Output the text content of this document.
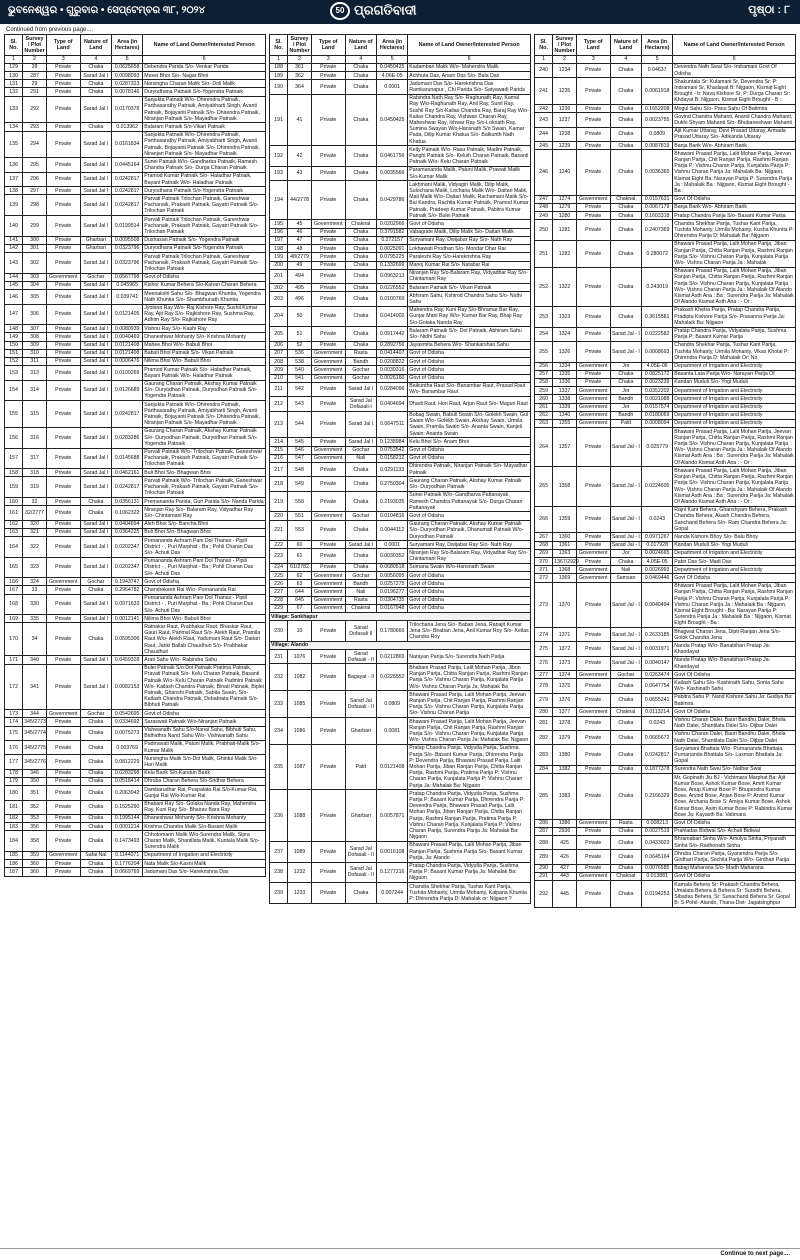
ଭୁବନେଶ୍ୱର • ଗୁରୁବାର • ସେପ୍ଟେମ୍ବର ୩୮, ୨୦୨୪	50 ପ୍ରଗତିବାଦୀ	ପୃଷ୍ଠା : ୮
Continued from previous page....
Sl. No.	Survey / Plot Number	Type of Land	Nature of Land	Area (in Hectares)	Name of Land Owner/Interested Person
1	2	3	4	5	6
129	28	Private	Chaka	0.0625658	Debendra Parida S/o- Venkar Parida
130	287	Private	Sarad Jal I	0.0098093	Musei Bhoi S/o- Nagar Bhoi
131	29	Private	Chaka	0.0287323	Narsingha Charan Malik S/o- Doli Malik
132	291	Private	Chaka	0.0078146	Duryodhana Patnaik S/o-Yogendra Patnaik
133	292	Private	Sarad Jal I	0.0170378	Sanjukta Patnaik W/o- Dhirendra Patnaik, Parthasarathy Patnaik, Amiyabharti Singh, Avanti Patnaik, Bojayanti Patnaik S/o- Dhirendra Patnaik, Niranjan Patnaik S/o- Mayadhar Patnaik
134	293	Private	Chaka	0.013962	Balaram Patnaik S/o-Vikari Patnaik
135	294	Private	Sarad Jal I	0.0161834	Sanjukta Patnaik W/o- Dhirendra Patnaik, Parthasarathy Patnaik, Amiyabharti Singh, Avanti Patnaik, Bojayanti Patnaik S/o- Dhirendra Patnaik, Niranjan Patnaik S/o- Mayadhar Patnaik
136	295	Private	Sarad Jal I	0.0445164	Sunei Patnaik W/o- Gandharba Patnaik, Ramesh Chandra Patnaik S/o- Durga Charan Patnaik
137	296	Private	Sarad Jal I	0.0242817	Pramod Kumar Patnaik S/o- Haladhar Patnaik, Bayani Patnaik W/o- Haladhar Patnaik
138	297	Private	Sarad Jal I	0.0242817	Duryodhana Patnaik S/o-Yogendra Patnaik
139	298	Private	Sarad Jal I	0.0242817	Parvati Patnaik Trilochan Patnaik, Ganeshwar Pachanaik, Prakash Patnaik, Gayatri Patnaik S/o- Trilochan Patnaik
140	299	Private	Sarad Jal I	0.0199514	Parvati Patnaik Trilochan Patnaik, Ganeshwar Pachanaik, Prakash Patnaik, Gayatri Patnaik S/o- Trilochan Patnaik
141	300	Private	Gharbari	0.0095508	Dushasan Patnaik S/o- Yogendra Patnaik
142	301	Private	Gharbari	0.0323796	Duryodhana Patnaik S/o-Yogendra Patnaik
143	302	Private	Sarad Jal I	0.0323796	Parvati Patnaik Trilochan Patnaik, Ganeshwar Pachanaik, Prakash Patnaik, Gayatri Patnaik S/o- Trilochan Patnaik
144	303	Government	Gochar	0.0567798	Govt of Odisha
145	304	Private	Sarad Jal I	0.045965	Kishor Kumar Behera S/o-Kahan Charan Behera
146	305	Private	Sarad Jal I	0.039741	Meenakshi Sahu S/o- Bhagwan Khuntia, Yogendra Nath Khuntia S/o- Shambhunath Khuntia
147	306	Private	Sarad Jal I	0.0121405	Jyotsna Ray W/o- Raj Kishore Ray, Sushil Kumar Ray, Ajit Ray S/o- Rajkishore Ray, Sushma Ray, Adhim Ray S/o- Rajkishore Ray
148	307	Private	Sarad Jal I	0.0080939	Vishnu Ray S/o- Kashi Ray
149	308	Private	Sarad Jal I	0.0040469	Dhaneshwar Mohanty S/o- Krishna Mohanty
150	309	Private	Sarad Jal I	0.0121408	Mahee Bhoi W/o- Babuli Bhoi
151	310	Private	Sarad Jal I	0.0121408	Babuli Bhoi Patnaik S/o- Vikari Patnaik
152	311	Private	Sarad Jal I	0.0006476	Nilima Bhoi W/o- Babuli Bhoi
153	313	Private	Sarad Jal I	0.0109269	Pramod Kumar Patnaik S/o- Haladhar Patnaik, Bayani Patnaik W/o- Haladhar Patnaik
154	314	Private	Sarad Jal I	0.0126689	Gaurang Charan Patnaik, Akshay Kumar Patnaik S/o- Duryodhan Patnaik, Duryodhan Patnaik S/o- Yogendra Patnaik
155	315	Private	Sarad Jal I	0.0242817	Sanjukta Patnaik W/o- Dhirendra Patnaik, Parthasarathy Patnaik, Amiyabharti Singh, Avanti Patnaik, Bojayanti Patnaik S/o- Dhirendra Patnaik, Niranjan Patnaik S/o- Mayadhar Patnaik
156	316	Private	Sarad Jal I	0.0283286	Gaurang Charan Patnaik, Akshay Kumar Patnaik S/o- Duryodhan Patnaik, Duryodhan Patnaik S/o- Yogendra Patnaik
157	317	Private	Sarad Jal I	0.0145688	Parvati Patnaik W/o- Trilochan Patnaik, Ganeshwar Pachanaik, Prakash Patnaik, Gayatri Patnaik S/o- Trilochan Patnaik
158	318	Private	Sarad Jal I	0.0462161	Buli Bhoi S/o- Bhagwan Bhoi
159	319	Private	Sarad Jal I	0.0242817	Parvati Patnaik W/o- Trilochan Patnaik, Ganeshwar Pachanaik, Prakash Patnaik, Gayatri Patnaik S/o- Trilochan Patnaik
160	32	Private	Chaka	0.0356131	Premananda Parida, Guri Parida S/o- Nanda Parida
161	32/2777	Private	Chaka	0.1062322	Niranjan Ray S/o- Balaram Ray, Vidyadhar Ray S/o- Chintamani Ray
162	320	Private	Sarad Jal I	0.0404694	Aleh Bhoi S/o- Bancha Bhoi
163	321	Private	Sarad Jal I	0.0364225	Buli Bhoi S/o- Bhagwan Bhoi
164	322	Private	Sarad Jal I	0.0202347	Purnananda Ashram Pani Dol Thanax - Pipili District - , Puri Marphat - Ba ; Pohli Charan Das S/o- Achuti Das
165	323	Private	Sarad Jal I	0.0202347	Purnananda Ashram Pani Dol Thanax - Pipili District - , Puri Marphat - Ba ; Pohli Charan Das S/o- Achuti Das
166	324	Government	Gochar	0.1943747	Govt of Odisha
167	33	Private	Chaka	0.2964782	Chandrakanti Rai W/o- Purnananda Rai
168	330	Private	Sarad Jal I	0.0971633	Purnananda Ashram Pani Dol Thanax - Pipili District - , Puri Marphat - Ba ; Pohli Charan Das S/o- Achuti Das
169	335	Private	Sarad Jal I	0.0012141	Nilima Bhoi W/o- Babuli Bhoi
170	34	Private	Chaka	0.0595306	Ratnakar Raut, Prabhakar Raut, Bhaskar Raut, Gauri Raut, Parimal Raut S/o- Alekh Raut, Pramila Raut W/o- Alekh Raut, Yadumani Raut S/o- Daitari Raut, Janki Ballab Chaudhuri S/o- Prabhakar Chaudhuri
171	340	Private	Sarad Jal I	0.0459328	Arati Sahu W/o- Rabindra Sahu
172	341	Private	Sarad Jal I	0.0082153	Bulei Patnaik S/o Dol Patnaik Pratima Patnaik, Pravati Patnaik S/o- Kelu Charan Patnaik, Basanti Patnaik W/o- Kelu Charan Patnaik Padmini Patnaik W/o- Kailash Chandra Patnaik, Binati Patnaik, Biplei Patnaik, Ghanshi Patnaik, Sabita Swain, S/o- Kailash Chandra Patnaik, Debabrata Patnaik S/o- Bibhuti Patnaik
173	344	Government	Gochar	0.0542695	Govt of Odisha
174	345/2773	Private	Chaka	0.0334692	Saraswati Patnaik W/o-Niranjan Patnaik
175	345/2774	Private	Chaka	0.0075273	Vishwanath Sahu S/o-Nanai Sahu, Bibhuti Sahu, Bidhidhra Nand Sahu W/o- Vishwanath Sahu
176	345/2775	Private	Chaka	0.003769	Padmavati Malik, Paluni Malik, Prabhati-Malik S/o-Kumar Malik
177	345/2776	Private	Chaka	0.0812229	Nursingha Malik S/o-Dol Malik, Ghintui Malik S/o-Hari Malik
178	346	Private	Chaka	0.0283298	Kelu Barik S/o-Kandun Barik
179	350	Private	Chaka	0.0518414	Dhruba Charan Behera S/o-Sridhar Behera
180	351	Private	Chaka	0.2063942	Dambarudhar Rai, Puspalata Rai S/o-Kumar Rai, Gunjai Rai W/o-Kumar Rai
181	352	Private	Chaka	0.1525290	Bhabani Ray S/o- Golaka Nanda Ray, Mahendra Ray, Kuni Ray S/o- Bhairav Bara Ray
182	353	Private	Chaka	0.1995144	Dhaneshwar Mohanty S/o- Krishna Mohanty
183	356	Private	Chaka	0.0001214	Krishna Chandra Malik S/o-Basant Malik
184	358	Private	Chaka	0.1473493	Chhotomann Malik W/o-Surendra Malik, Sipra Charan Malik, Shantilata Malik, Kuntala Malik S/o- Surendra Malik
185	359	Government	Safai Nal	0.1144071	Department of Irrigation and Electricity
186	360	Private	Chaka	0.1776204	Nata Malik S/o-Kasni Malik
187	360	Private	Chaka	0.0669769	Jadumani Das S/o- Harekrishna Das
Sl. No.	Survey / Plot Number	Type of Land	Nature of Land	Area (in Hectares)	Name of Land Owner/Interested Person
1	2	3	4	5	6
188	361	Private	Chaka	0.0450425	Kadambari Malik W/o- Mahendra Malik
189	362	Private	Chaka	4.06E-05	Achhuta Das, Anam Das S/o- Bala Das
190	364	Private	Chaka	0.0001	Jadumani Das S/o- Harekrishna Das Ramkarunapur , Chi Parida S/o- Satyawadi Parida
191	41	Private	Chaka	0.0450425	Rabindra Nath Ray S/o- Raghunath Ray, Kamal Ray W/o-Raghunath Ray, Anil Ray, Sunil Ray, Sushil Ray S/o-Kailas Chandra Ray, Baraj Ray W/o-Kailas Chandra Ray, Vishwan Charan Ray, Maheshwar Ray, Ishwar Ray S/o-Loknath Ray, Sumina Swayan W/o-Hansnath S/o Swain, Kamar Pada, Dilip Kumar Khatua S/o- Balkunth Nath Khatua
192	42	Private	Chaka	0.0461756	Kelly Patnaik W/o- Rasu Patnaik, Madini Patnaik, Panghi Patnaik S/o- Keluih Charan Patnaik, Basanti Patnaik W/o- Kelu Charan Patnaik
193	43	Private	Chaka	0.0035566	Paramananda Malik, Paluni Malik, Prawati Malik S/o-Kumar Malik
194	44/2778	Private	Chaka	0.0429786	Lakhmani Malik, Vidyagiri Malik, Dilip Malik, Sulochana Malik, Lochana Malik W/o- Daitari Malik, Mali Malik W/o- Daitari Malik, Rachamani Malik S/o- Bai Kandra, Rachita Kumar Patnaik, Pramod Kumar Patnaik, Pradeep Kumar Patnaik, Pabitra Kumar Patnaik S/o- Bulei Patnaik
195	45	Government	Chaknal	0.0202966	Govt of Odisha
196	46	Private	Chaka	0.3791582	Vabagrate Malik, Dilip Malik S/o- Daitari Malik
197	47	Private	Chaka	0.272157	Suryamani Ray, Dwijabar Ray S/o- Nath Ray
198	48	Private	Chaka	0.0025091	Lokhawati Prodhan S/o- Mondar Dhar Rai
199	48/2779	Private	Chaka	0.0795225	Paraleshi Ray S/o-Harekrishna Ray
200	49	Private	Chaka	0.1332699	Manoj Kumar Rai S/o- Natabar Rai
201	494	Private	Chaka	0.0963213	Niranjan Ray S/o-Balaram Ray, Vidyadhar Ray S/o- Chintamani Ray
202	495	Private	Chaka	0.0226552	Balaram Patnaik S/o- Vikari Patnaik
203	496	Private	Chaka	0.0100769	Abhiram Sahu, Kshirod Chandra Sahu S/o- Nidhi Sahu
204	50	Private	Chaka	0.0414002	Mahendra Ray, Kuni Ray S/o-Bhramar Bar Ray, Gunjar Mani Ray W/o- Kumar Bar Ray, Bhaji Ray S/o-Goiaka Nanda Ray
205	51	Private	Chaka	0.0917442	Balaram Patnaik S/o- Dol Patnaik, Abhiram Sahu S/o- Nidhi Sahu
206	52	Private	Chaka	0.2892756	Jayasmita Behera W/o- Shankarshan Sahu
207	536	Government	Rasta	0.0414407	Govt of Odisha
208	538	Government	Bandh	0.0208822	Govt of Odisha
209	540	Government	Gochar	0.0030316	Govt of Odisha
210	541	Government	Gochar	0.0026160	Govt of Odisha
211	542	Private	Sarad Jal I	0.0284096	Baikuntha Raut S/o- Banambar Raut, Prasad Raut W/o- Banambar Raut
212	543	Private	Sarad Jal Dofasali-I	0.0404694	Dhadi Raut, Hori Raut, Arjun Raut S/o- Magun Raut
213	544	Private	Sarad Jal I	0.0647511	Bobag Swain, Babuli Swain S/o- Golekh Swain, Gul Swain W/o- Golekh Swain, Akshay Swain, Urmila Swain, Pramila Swain S/o- Ananta Swain, Kanjeli Swain: Ananta Swain
214	545	Private	Sarad Jal I	0.1238984	Kelu Bhoi S/o- Anam Bhoi
215	546	Government	Gochar	0.0753542	Govt of Odisha
216	547	Government	Nali	0.0158212	Govt of Odisha
217	548	Private	Chaka	0.0291133	Dhirendra Patnaik, Niranjan Patnaik S/o- Mayadhar Patnaik
218	549	Private	Chaka	0.2750304	Gaurang Charan Patnaik, Akshay Kumar Patnaik S/o- Duryodhan Patnaik
219	550	Private	Chaka	0.2193035	Sunei Patnaik W/o- Gandharva Pattanayak, Ramesh Chandra Pattanayak S/o- Durga Charan Pattanayak
220	551	Government	Gochar	0.0104816	Govt of Odisha
221	553	Private	Chaka	0.0044112	Gaurang Charan Patnaik, Akshay Kumar Patnaik S/o- Duryodhan Patnaik, Dhanumati Patnaik W/o- Duryodhan Patnaik
222	60	Private	Sarad Jal I	0.0001	Suryamani Ray, Dwijabar Ray S/o- Nath Ray
223	61	Private	Chaka	0.0030352	Niranjan Ray S/o-Balaram Ray, Vidyadhar Ray S/o- Chintamani Ray
224	61/2782	Private	Chaka	0.0680518	Sumana Swain W/o-Hansnath Swain
225	62	Government	Gochar	0.0056095	Govt of Odisha
226	63	Government	Bandh	0.0257275	Govt of Odisha
227	644	Government	Nali	0.0196277	Govt of Odisha
228	645	Government	Rasta	0.0304735	Govt of Odisha
229	67	Government	Chaknal	0.0167948	Govt of Odisha
Village: Sankhapur					
230	10	Private	Sarad Dofasali II	0.1780666	Trilochana Jena S/o- Baban Jena, Ranajit Kumar Jena S/o- Biraban Jena, Anil Kumar Roy S/o- Keilas Chandra Roy
Village: Alando					
231	1076	Private	Sarad Dofasali - II	0.0212869	Narayan Parija S/o- Surendra Nath Parija
232	1082	Private	Bagayat - II	0.0226552	Bhabani Prasad Parija, Lalit Mohan Parija, Jibon Ranjan Parija, Chitta Ranjan Parija, Rashmi Ranjan Parija S/o- Vishnu Charan Parija, Kunjalata Parija W/o- Vishnu Charan Parija Ja: Mahalak Ba
233	1085	Private	Sarad Jal Dofasali - II	0.0809	Bhawani Prasad Parija, Lalit Mohan Parija, Jeevan Ranjan Parija, Chit Ranjan Parija, Rashmi Ranjan Parija S/o- Vishnu Charan Parija, Kunjalata Parija S/o- Vishnu Charan Parija
234	1086	Private	Gharbari	0.0081	Bhawani Prasad Parija, Lalit Mohan Parija, Jeevan Ranjan Parija, Chit Ranjan Parija, Rashmi Ranjan Parija S/o- Vishnu Charan Parija, Kunjalata Parija W/o- Vishnu Charan Parija Ja: Mahalak Ba: Nijgaon
235	1087	Private	Patit	0.0121408	Pratap Chandra Parija, Vidyutla Parija, Sushma Parija S/o- Basant Kumar Parija, Dhirendra Parija P: Devendra Parija, Bhawani Prasad Parija, Lalit Mohan Parija, Jiban Ranjan Parija, Chitta Ranjan Parija, Rashmi Parija, Pratima Parija P: Vishnu Charan Parija, Kunjalata Parija P: Vishnu Charan Parija Ja: Mahalak Ba: Nijgaon
236	1088	Private	Gharbari	0.0057871	Pratap Chandra Parija, Vidyutla Parija, Sushma Parija P: Basant Kumar Parija, Dhirendra Parija P: Devendra Parija, Bhawani Prasad Parija, Lalit Mohan Parija, Jiban Ranjan Parija, Chitta Ranjan Parija, Rashmi Ranjan Parija, Pratima Parija P: Vishnu Charan Parija, Kunjalata Parija P: Vishnu Charan Parija, Surendra Parija Ja: Mahalak Ba: Nijgaon
237	1089	Private	Sarad Jal Dofasali - II	0.0016108	Bhawani Prasad Parija, Lalit Mohan Parija, Jiban Ranjan Parija, Sushma Parija S/o- Basant Kumar Parija, Ja: Alando
238	1232	Private	Sarad Jal Dofasali - II	0.1277216	Pratap Chandra Parija, Vidyutla Parija, Sushma Parija P: Basant Kumar Parija Ja: Mahalak Ba: Nijgaon
239	1233	Private	Chaka	0.007244	Chandra Shekhar Parija, Tushar Kant Parija, Tushita Mohanty, Urmila Mohanty, Kalpana Khuntia P: Dhirendra Parija D: Mahalak or: Nijgaon ?
Sl. No.	Survey / Plot Number	Type of Land	Nature of Land	Area (in Hectares)	Name of Land Owner/Interested Person
1	2	3	4	5	6
240	1234	Private	Chaka	0.04637	Devendra Nath Swai S/o- Indramani Govt Of Odisha
241	1235	Private	Chaka	0.0061918	Shakuntala Sr: Kulamani Sr, Devendra Sr: P: Indramani Sr, Khadayat B: Nijgaon, Kismat Eight Brought - b: Nava Kishore Sr, P: Durga Charan Sr: Khdayat B: Nijgaon, Kismat Eight Brought - B :
242	1236	Private	Chaka	0.1652208	Mogul Sahu S/o- Panu Sahu Of Batimira
243	1237	Private	Chaka	0.0023755	Govind Chandra Mahanti, Anand Chandra Mahanti, Dukhi Shyam Mahanti S/o- Bhubaneshwar Mahanti
244	1238	Private	Chaka	0.0809	Ajit Kumar Uttaray, Devi Prasad Uttaray, Armada Prasad Uttaray S/o- Adikanda Uttaray
245	1239	Private	Chaka	0.0087819	Banja Barik W/o- Abhiram Barik
246	1240	Private	Chaka	0.0036365	Bhawani Prasad Parija, Lalit Mohan Parija, Jeevan Ranjan Parija, Chit Ranjan Parija, Rashmi Ranjan Parija P: Vishnu Charan Parija, Kunjalata Parija P: Vishnu Charan Parija Ja: Mahalaik Ba: Nijgaon, Kismat Eight Ba: Narayan Parija P: Surendra Parija Ja : Mahalaik Ba : Nijgaon, Kismat Eight Brought - Ba :
247	1274	Government	Chaknal	0.0157631	Govt Of Odisha
248	1279	Private	Chaka	0.0067179	Banja Barik W/o- Abhiram Barik
249	1280	Private	Chaka	0.1603318	Pratap Chandra Parija S/o- Basant Kumar Parija
250	1281	Private	Chaka	0.2407369	Chandra Shekhar Parija, Tushar Kant Parija, Tushita Mohanty, Urmila Mohanty, Kusha Khuntia P: Dhirendra Parija D: Mahalaik Ba: Nijgaon
251	1282	Private	Chaka	0.280072	Bhawani Prasad Parija, Lalit Mohan Parija, Jiban Ranjan Parija, Chitta Ranjan Parija, Rashmi Ranjan Parija S/o- Vishnu Charan Parija, Kunjalata Parija W/o- Vishnu Charan Parija Ja : Mahalak
252	1322	Private	Chaka	0.243019	Bhawani Prasad Parija, Lalit Mohan Parija, Jiban Ranjan Parija, Chitta Ranjan Parija, Rashmi Ranjan Parija S/o- Vishnu Charan Parija, Kunjalata Parija W/o- Vishnu Charan Parija Ja : Mahalaik Of Alando Kismat Asth Ana : Ba : Surendra Parija Ja: Mahalaik Of Alando Kismat Asth Ana : - Or :
253	1323	Private	Chaka	0.3615581	Prakash Khetra Parija, Pratap Chandra Parija, Pradipta Kishore Parija S/o- Prasanna Parija Ja: Mahalaik Ba: Nijgaon
254	1324	Private	Sarad Jal - I	0.0222582	Pratap Chandra Parija, Vidyalata Parija, Sushma Parija P: Basant Kumar Parija
255	1326	Private	Sarad Jal - I	0.0008693	Chandra Shekhar Parija, Tushar Kant Parija, Tushita Mohanty, Urmila Mohanty, Vikas Khotai P: Dhirendra Parija D: Mahalaik Or: No
256	1334	Government	Jor	4.05E-06	Department of Irrigation and Electricity
257	1335	Private	Chaka	0.0825172	Basanta Lata Parija W/o- Narayan Parija Of
258	1336	Private	Chaka	0.0023239	Kandan Muduli S/o- Yogi Muduli
259	1337	Government	Jor	0.0352202	Department of Irrigation and Electricity
260	1338	Government	Bandh	0.0021088	Department of Irrigation and Electricity
261	1339	Government	Jor	0.0157574	Department of Irrigation and Electricity
262	1340	Government	Bandh	0.0180069	Department of Irrigation and Electricity
263	1355	Government	Patit	0.0008094	Department of Irrigation and Electricity
264	1357	Private	Sarad Jal - I	0.025779	Bhawani Prasad Parija, Lalit Mohan Parija, Jeevan Ranjan Parija, Chitta Ranjan Parija, Rashmi Ranjan Parija S/o- Vishnu Charan Parija, Kunjalata Parija W/o- Vishnu Charan Parija Ja : Mahalaik Of Alando Kismat Asth Ana : Ba : Surendra Parija Ja: Mahalaik Of Alando Kismat Asth Ana : - Or :
265	1358	Private	Sarad Jal - I	0.0224605	Bhawani Prasad Parija, Lalit Mohan Parija, Jiban Ranjan Parija, Chitta Ranjan Parija, Rashmi Ranjan Parija S/o- Vishnu Charan Parija, Kunjalata Parija W/o- Vishnu Charan Parija Ja : Mahalaik Of Alando Kismat Asth Ana : Ba : Surendra Parija Ja: Mahalaik Of Alando Kismat Asth Ana : - Or :
266	1359	Private	Sarad Jal - I	0.0243	Rajni Kant Behera, Ghanshyam Behera, Prakash Chandra Behera, Akash Chandra Behera, Sanchand Behera S/o- Ram Chandra Behera Ja: Gopal
267	1360	Private	Sarad Jal - I	0.0971267	Nanda Kishore Bhoy S/o- Balu Bhoy
268	1361	Private	Sarad Jal - I	0.017928	Kandan Muduli S/o- Yogi Muduli
269	1363	Government	Jor	0.0024665	Department of Irrigation and Electricity
270	1367/2929	Private	Chaka	4.05E-05	Pabir Das S/o- Madi Das
271	1368	Government	Nali	0.0026993	Department of Irrigation and Electricity
272	1369	Government	Samsan	0.0469446	Govt Of Odisha
273	1370	Private	Sarad Jal - I	0.0040494	Bhawani Prasad Parija, Lalit Mohan Parija, Jiban Ranjan Parija, Chitta Ranjan Parija, Rashmi Ranjan Parija P: Vishnu Charan Parija, Kunjalata Parija P: Vishnu Charan Parija Ja : Mahalaik Ba : Nijgaon, Kismat Eight Brought - Ba: Narayan Parija P: Surendra Parija Ja : Mahalaik Ba : Nijgaon, Kismat Eight Brought - Ba :
274	1371	Private	Sarad Jal - I	0.2633185	Bhagwat Charan Jena, Dipti Ranjan Jena S/o- Golok Chandra Jena
275	1372	Private	Sarad Jal - I	0.0031971	Nanda Pratap W/o- Banabihari Pratap Ja: Khandayat
276	1373	Private	Sarad Jal - I	0.0040147	Nanda Pratap W/o- Banabihari Pratap Ja: Khandayat
277	1374	Government	Gochar	0.0263474	Govt Of Odisha
278	1375	Private	Chaka	0.0647754	Kailash Sahu S/o- Kashinath Sahu, Sonia Sahu W/o- Kashinath Sahu
279	1376	Private	Chaka	0.0655241	Pabitra Sahu P: Nand Kishore Sahu Ja: Gudiya Ba: Batimira
280	1377	Government	Chaknal	0.0113214	Govt Of Odisha
281	1378	Private	Chaka	0.0243	Vishnu Charan Dalei, Bauri Bandhu Dalei, Bhola Nath Dalei, Shantilata Dalei S/o- Dijbar Dalei
282	1379	Private	Chaka	0.0665672	Vishnu Charan Dalei, Bauri Bandhu Dalei, Bhola Nath Dalei, Shantilata Dalei S/o- Dijbar Dalei
283	1380	Private	Chaka	0.0242817	Suryamani Bhattala W/o- Purnananda Bhattala, Purnananda Bhattala S/o- Laxman Bhattala Ja: Gopal
284	1382	Private	Chaka	0.1877378	Surendra Nath Swai S/o- Natbar Swai
285	1383	Private	Chaka	0.2166329	Mr. Gopinath Jiu BJ - Vichimara Marphat Ba: Ajit Kumar Bose, Ashok Kumar Bose, Amrit Kumar Bose, Anup Kumar Bose P: Bhupendra Kumar Bose, Arvind Bose, Anjan Bose P: Arvind Kumar Bose, Archana Bose S: Amiya Kumar Bose, Ashok Kumar Bose, Asim Kumar Bose P: Rabindra Kumar Bose Ja: Kayasth Ba: Vatimara
286	1386	Government	Rasta	0.008213	Govt Of Odisha
287	2936	Private	Chaka	0.0027519	Prahladas Bidiwal S/o- Achuti Bidiwal
288	425	Private	Chaka	0.0433023	Bhramabari Sinha W/o- Amulya Sinha, Priyanath Sinha S/o- Radhonath Sinha
289	426	Private	Chaka	0.0645164	Dhruba Charan Parija, Gyanendra Parija S/o- Girdhari Parija, Sochila Parija W/o- Girdhari Parija
290	427	Private	Chaka	0.0076585	Babaji Maharana S/o- Madh Maharana
291	443	Government	Chaknal	0.013881	Govt Of Odisha
292	445	Private	Chaka	0.0194253	Kamala Behera Sr: Prakash Chandra Behera, Umalata Behera & Behera Sr: Suradhi Behera, Sibadas Behera, Sr: Sunachand Behera Sr: Gopal B: S-Pohil- Alando, Thana-Dist- Jagatsinghpur
Continue to next page....
